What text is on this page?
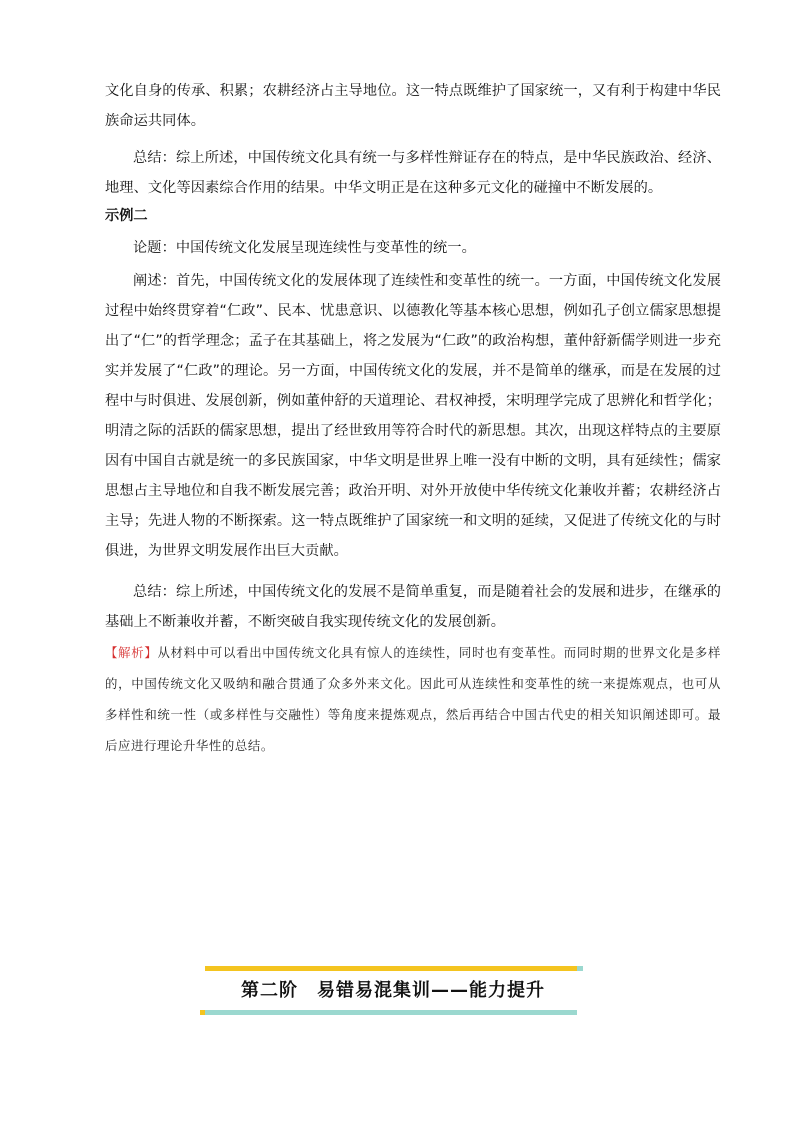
文化自身的传承、积累；农耕经济占主导地位。这一特点既维护了国家统一，又有利于构建中华民族命运共同体。

总结：综上所述，中国传统文化具有统一与多样性辩证存在的特点，是中华民族政治、经济、地理、文化等因素综合作用的结果。中华文明正是在这种多元文化的碰撞中不断发展的。

示例二

论题：中国传统文化发展呈现连续性与变革性的统一。

阐述：首先，中国传统文化的发展体现了连续性和变革性的统一。一方面，中国传统文化发展过程中始终贯穿着“仁政”、民本、忧患意识、以德教化等基本核心思想，例如孔子创立儒家思想提出了“仁”的哲学理念；孟子在其基础上，将之发展为“仁政”的政治构想，董仲舒新儒学则进一步充实并发展了“仁政”的理论。另一方面，中国传统文化的发展，并不是简单的继承，而是在发展的过程中与时俱进、发展创新，例如董仲舒的天道理论、君权神授，宋明理学完成了思辨化和哲学化；明清之际的活跃的儒家思想，提出了经世致用等符合时代的新思想。其次，出现这样特点的主要原因有中国自古就是统一的多民族国家，中华文明是世界上唯一没有中断的文明，具有延续性；儒家思想占主导地位和自我不断发展完善；政治开明、对外开放使中华传统文化兼收并蓄；农耕经济占主导；先进人物的不断探索。这一特点既维护了国家统一和文明的延续，又促进了传统文化的与时俱进，为世界文明发展作出巨大贡献。

总结：综上所述，中国传统文化的发展不是简单重复，而是随着社会的发展和进步，在继承的基础上不断兼收并蓄，不断突破自我实现传统文化的发展创新。

【解析】从材料中可以看出中国传统文化具有惊人的连续性，同时也有变革性。而同时期的世界文化是多样的，中国传统文化又吸纳和融合贯通了众多外来文化。因此可从连续性和变革性的统一来提炼观点，也可从多样性和统一性（或多样性与交融性）等角度来提炼观点，然后再结合中国古代史的相关知识阐述即可。最后应进行理论升华性的总结。

第二阶　易错易混集训——能力提升
